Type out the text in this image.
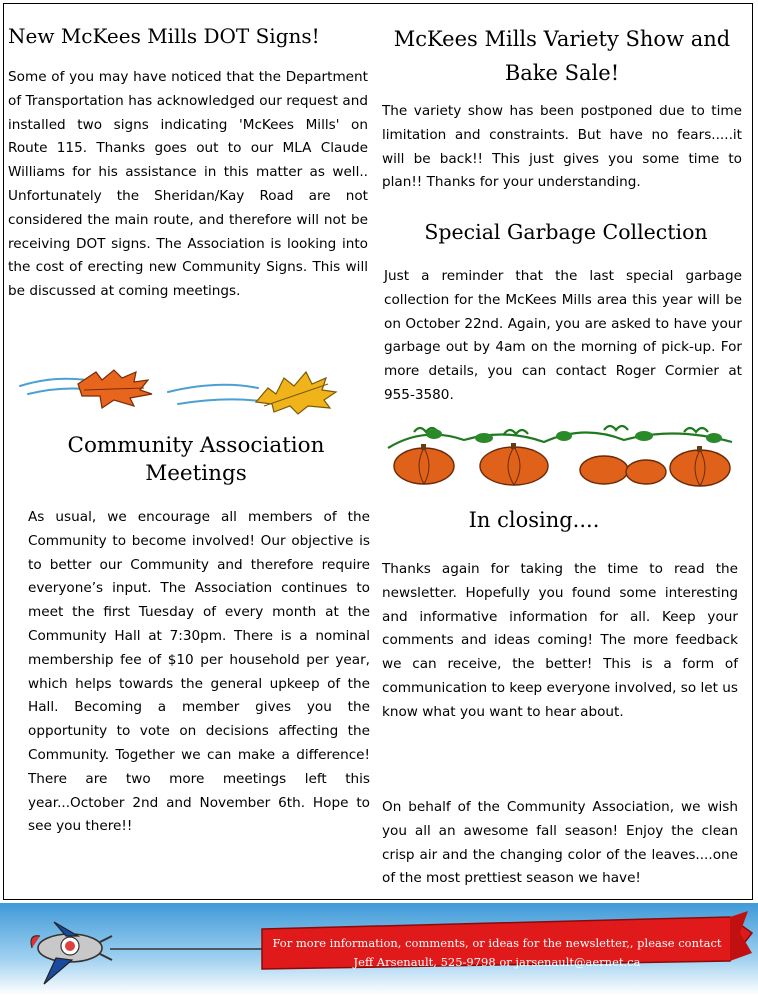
New McKees Mills DOT Signs!

Some of you may have noticed that the Department of Transportation has acknowledged our request and installed two signs indicating 'McKees Mills' on Route 115. Thanks goes out to our MLA Claude Williams for his assistance in this matter as well.. Unfortunately the Sheridan/Kay Road are not considered the main route, and therefore will not be receiving DOT signs. The Association is looking into the cost of erecting new Community Signs. This will be discussed at coming meetings.

Community Association Meetings

As usual, we encourage all members of the Community to become involved! Our objective is to better our Community and therefore require everyone’s input. The Association continues to meet the first Tuesday of every month at the Community Hall at 7:30pm. There is a nominal membership fee of $10 per household per year, which helps towards the general upkeep of the Hall. Becoming a member gives you the opportunity to vote on decisions affecting the Community. Together we can make a difference! There are two more meetings left this year...October 2nd and November 6th. Hope to see you there!!

McKees Mills Variety Show and Bake Sale!

The variety show has been postponed due to time limitation and constraints. But have no fears.....it will be back!! This just gives you some time to plan!! Thanks for your understanding.

Special Garbage Collection

Just a reminder that the last special garbage collection for the McKees Mills area this year will be on October 22nd. Again, you are asked to have your garbage out by 4am on the morning of pick-up. For more details, you can contact Roger Cormier at 955-3580.

In closing....

Thanks again for taking the time to read the newsletter. Hopefully you found some interesting and informative information for all. Keep your comments and ideas coming! The more feedback we can receive, the better! This is a form of communication to keep everyone involved, so let us know what you want to hear about.

On behalf of the Community Association, we wish you all an awesome fall season! Enjoy the clean crisp air and the changing color of the leaves....one of the most prettiest season we have!

For more information, comments, or ideas for the newsletter,, please contact
Jeff Arsenault, 525-9798 or jarsenault@aernet.ca
